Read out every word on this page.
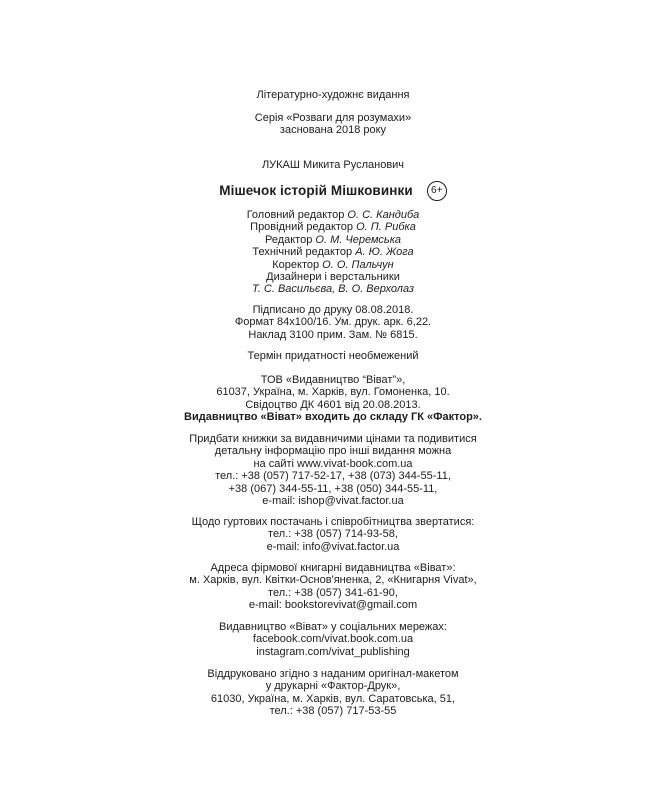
Літературно-художнє видання
Серія «Розваги для розумахи»
заснована 2018 року
ЛУКАШ Микита Русланович
Мішечок історій Мішковинки	6+
Головний редактор О. С. Кандиба
Провідний редактор О. П. Рибка
Редактор О. М. Черемська
Технічний редактор А. Ю. Жога
Коректор О. О. Пальчун
Дизайнери і верстальники
Т. С. Васильєва, В. О. Верхолаз
Підписано до друку 08.08.2018.
Формат 84х100/16. Ум. друк. арк. 6,22.
Наклад 3100 прим. Зам. № 6815.
Термін придатності необмежений
ТОВ «Видавництво “Віват”»,
61037, Україна, м. Харків, вул. Гомоненка, 10.
Свідоцтво ДК 4601 від 20.08.2013.
Видавництво «Віват» входить до складу ГК «Фактор».
Придбати книжки за видавничими цінами та подивитися
детальну інформацію про інші видання можна
на сайті www.vivat-book.com.ua
тел.: +38 (057) 717-52-17, +38 (073) 344-55-11,
+38 (067) 344-55-11, +38 (050) 344-55-11,
e-mail: ishop@vivat.factor.ua
Щодо гуртових постачань і співробітництва звертатися:
тел.: +38 (057) 714-93-58,
e-mail: info@vivat.factor.ua
Адреса фірмової книгарні видавництва «Віват»:
м. Харків, вул. Квітки-Основ'яненка, 2, «Книгарня Vivat»,
тел.: +38 (057) 341-61-90,
e-mail: bookstorevivat@gmail.com
Видавництво «Віват» у соціальних мережах:
facebook.com/vivat.book.com.ua
instagram.com/vivat_publishing
Віддруковано згідно з наданим оригінал-макетом
у друкарні «Фактор-Друк»,
61030, Україна, м. Харків, вул. Саратовська, 51,
тел.: +38 (057) 717-53-55
